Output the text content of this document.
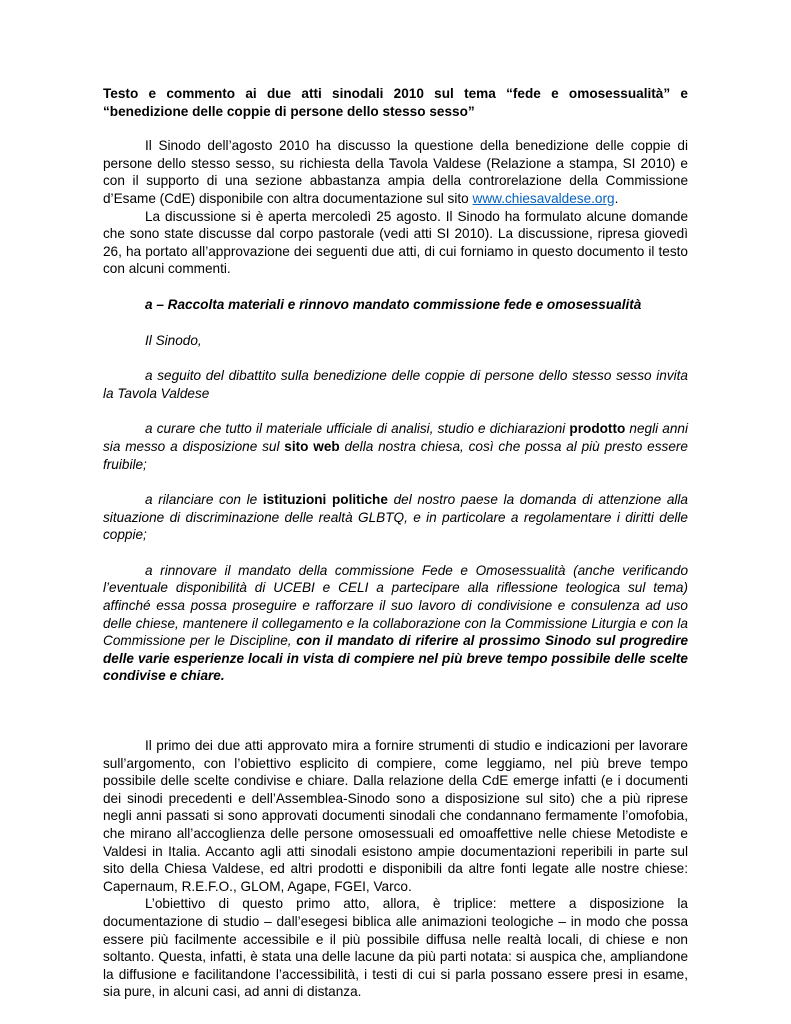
Testo e commento ai due atti sinodali 2010 sul tema “fede e omosessualità” e “benedizione delle coppie di persone dello stesso sesso”

Il Sinodo dell’agosto 2010 ha discusso la questione della benedizione delle coppie di persone dello stesso sesso, su richiesta della Tavola Valdese (Relazione a stampa, SI 2010) e con il supporto di una sezione abbastanza ampia della controrelazione della Commissione d’Esame (CdE) disponibile con altra documentazione sul sito www.chiesavaldese.org.

La discussione si è aperta mercoledì 25 agosto. Il Sinodo ha formulato alcune domande che sono state discusse dal corpo pastorale (vedi atti SI 2010). La discussione, ripresa giovedì 26, ha portato all’approvazione dei seguenti due atti, di cui forniamo in questo documento il testo con alcuni commenti.

a – Raccolta materiali e rinnovo mandato commissione fede e omosessualità

Il Sinodo,

a seguito del dibattito sulla benedizione delle coppie di persone dello stesso sesso invita la Tavola Valdese

a curare che tutto il materiale ufficiale di analisi, studio e dichiarazioni prodotto negli anni sia messo a disposizione sul sito web della nostra chiesa, così che possa al più presto essere fruibile;

a rilanciare con le istituzioni politiche del nostro paese la domanda di attenzione alla situazione di discriminazione delle realtà GLBTQ, e in particolare a regolamentare i diritti delle coppie;

a rinnovare il mandato della commissione Fede e Omosessualità (anche verificando l’eventuale disponibilità di UCEBI e CELI a partecipare alla riflessione teologica sul tema) affinché essa possa proseguire e rafforzare il suo lavoro di condivisione e consulenza ad uso delle chiese, mantenere il collegamento e la collaborazione con la Commissione Liturgia e con la Commissione per le Discipline, con il mandato di riferire al prossimo Sinodo sul progredire delle varie esperienze locali in vista di compiere nel più breve tempo possibile delle scelte condivise e chiare.

Il primo dei due atti approvato mira a fornire strumenti di studio e indicazioni per lavorare sull’argomento, con l’obiettivo esplicito di compiere, come leggiamo, nel più breve tempo possibile delle scelte condivise e chiare. Dalla relazione della CdE emerge infatti (e i documenti dei sinodi precedenti e dell’Assemblea-Sinodo sono a disposizione sul sito) che a più riprese negli anni passati si sono approvati documenti sinodali che condannano fermamente l’omofobia, che mirano all’accoglienza delle persone omosessuali ed omoaffettive nelle chiese Metodiste e Valdesi in Italia. Accanto agli atti sinodali esistono ampie documentazioni reperibili in parte sul sito della Chiesa Valdese, ed altri prodotti e disponibili da altre fonti legate alle nostre chiese: Capernaum, R.E.F.O., GLOM, Agape, FGEI, Varco.

L’obiettivo di questo primo atto, allora, è triplice: mettere a disposizione la documentazione di studio – dall’esegesi biblica alle animazioni teologiche – in modo che possa essere più facilmente accessibile e il più possibile diffusa nelle realtà locali, di chiese e non soltanto. Questa, infatti, è stata una delle lacune da più parti notata: si auspica che, ampliandone la diffusione e facilitandone l’accessibilità, i testi di cui si parla possano essere presi in esame, sia pure, in alcuni casi, ad anni di distanza.
